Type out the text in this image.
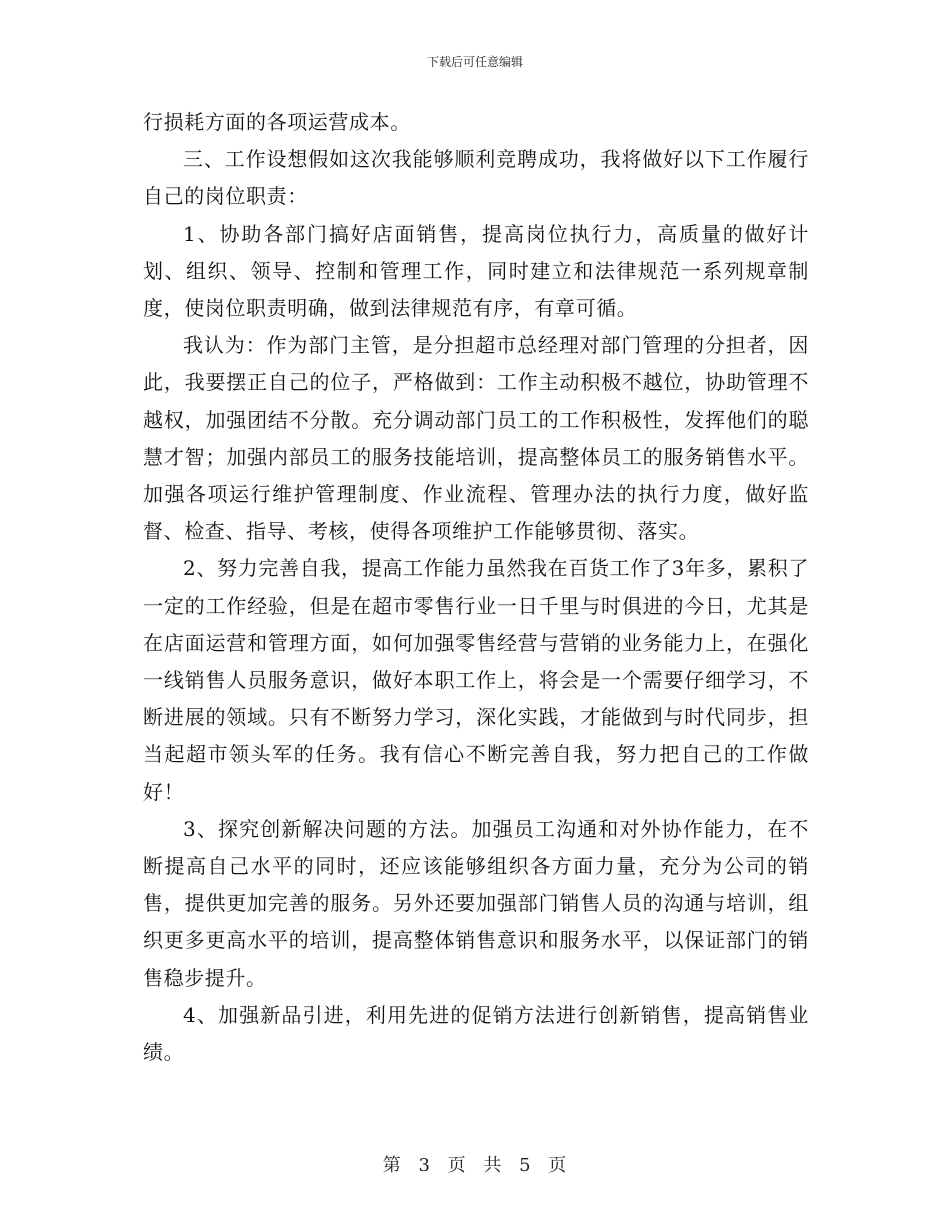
下载后可任意编辑

行损耗方面的各项运营成本。

三、工作设想假如这次我能够顺利竞聘成功，我将做好以下工作履行自己的岗位职责：

1、协助各部门搞好店面销售，提高岗位执行力，高质量的做好计划、组织、领导、控制和管理工作，同时建立和法律规范一系列规章制度，使岗位职责明确，做到法律规范有序，有章可循。

我认为：作为部门主管，是分担超市总经理对部门管理的分担者，因此，我要摆正自己的位子，严格做到：工作主动积极不越位，协助管理不越权，加强团结不分散。充分调动部门员工的工作积极性，发挥他们的聪慧才智；加强内部员工的服务技能培训，提高整体员工的服务销售水平。加强各项运行维护管理制度、作业流程、管理办法的执行力度，做好监督、检查、指导、考核，使得各项维护工作能够贯彻、落实。

2、努力完善自我，提高工作能力虽然我在百货工作了3年多，累积了一定的工作经验，但是在超市零售行业一日千里与时俱进的今日，尤其是在店面运营和管理方面，如何加强零售经营与营销的业务能力上，在强化一线销售人员服务意识，做好本职工作上，将会是一个需要仔细学习，不断进展的领域。只有不断努力学习，深化实践，才能做到与时代同步，担当起超市领头军的任务。我有信心不断完善自我，努力把自己的工作做好！

3、探究创新解决问题的方法。加强员工沟通和对外协作能力，在不断提高自己水平的同时，还应该能够组织各方面力量，充分为公司的销售，提供更加完善的服务。另外还要加强部门销售人员的沟通与培训，组织更多更高水平的培训，提高整体销售意识和服务水平，以保证部门的销售稳步提升。

4、加强新品引进，利用先进的促销方法进行创新销售，提高销售业绩。

第 3 页 共 5 页
